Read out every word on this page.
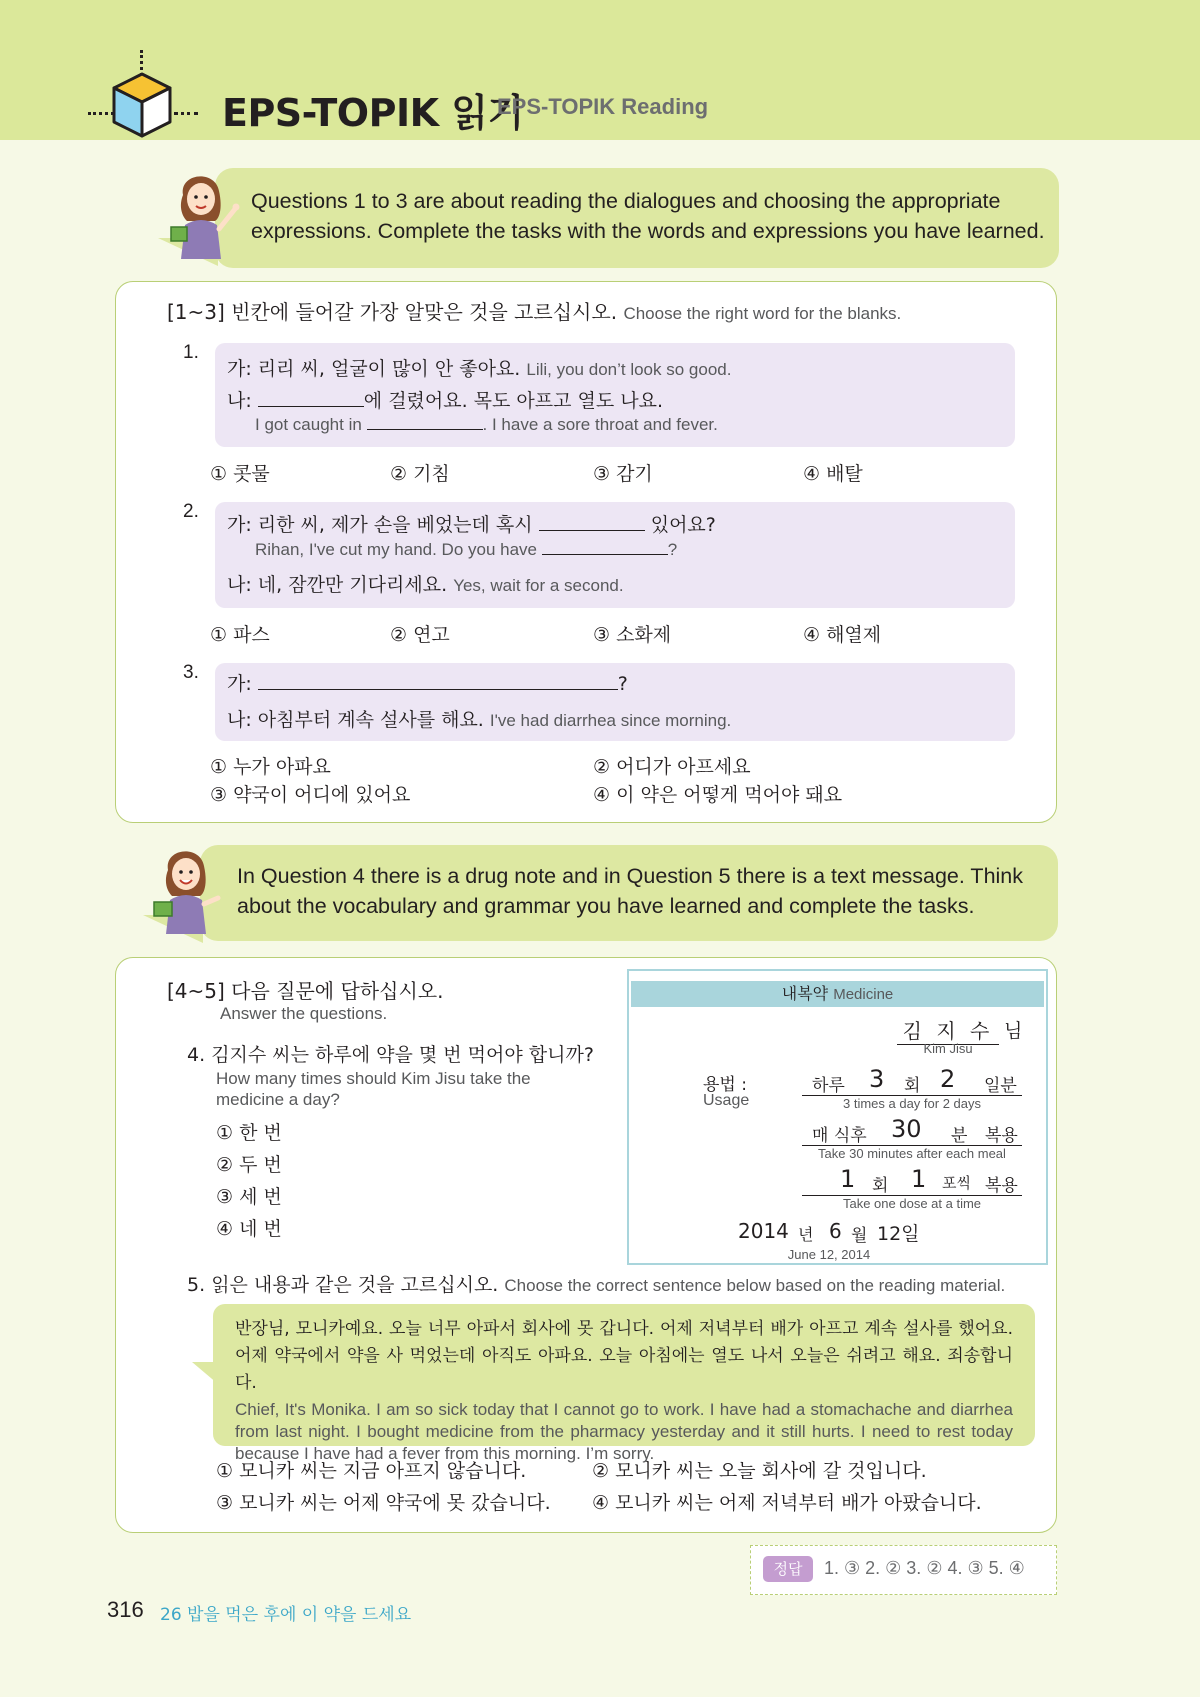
EPS-TOPIK 읽기
EPS-TOPIK Reading
Questions 1 to 3 are about reading the dialogues and choosing the appropriate
expressions. Complete the tasks with the words and expressions you have learned.
[1~3] 빈칸에 들어갈 가장 알맞은 것을 고르십시오. Choose the right word for the blanks.
1.
가: 리리 씨, 얼굴이 많이 안 좋아요. Lili, you don’t look so good.
나:	에 걸렸어요. 목도 아프고 열도 나요.
I got caught in	. I have a sore throat and fever.
① 콧물	② 기침	③ 감기	④ 배탈
2.
가: 리한 씨, 제가 손을 베었는데 혹시	있어요?
Rihan, I've cut my hand. Do you have	?
나: 네, 잠깐만 기다리세요. Yes, wait for a second.
① 파스	② 연고	③ 소화제	④ 해열제
3.
가:	?
나: 아침부터 계속 설사를 해요. I've had diarrhea since morning.
① 누가 아파요	② 어디가 아프세요
③ 약국이 어디에 있어요	④ 이 약은 어떻게 먹어야 돼요
In Question 4 there is a drug note and in Question 5 there is a text message. Think
about the vocabulary and grammar you have learned and complete the tasks.
[4~5] 다음 질문에 답하십시오.
Answer the questions.
4. 김지수 씨는 하루에 약을 몇 번 먹어야 합니까?
How many times should Kim Jisu take the medicine a day?
① 한 번
② 두 번
③ 세 번
④ 네 번
내복약 Medicine
김 지 수 님
Kim Jisu
용법 :
Usage
하루 3 회 2 일분
3 times a day for 2 days
매 식후 30 분 복용
Take 30 minutes after each meal
1 회 1 포씩 복용
Take one dose at a time
2014 년 6 월 12일
June 12, 2014
5. 읽은 내용과 같은 것을 고르십시오. Choose the correct sentence below based on the reading material.
반장님, 모니카예요. 오늘 너무 아파서 회사에 못 갑니다. 어제 저녁부터 배가 아프고 계속 설사를 했어요. 어제 약국에서 약을 사 먹었는데 아직도 아파요. 오늘 아침에는 열도 나서 오늘은 쉬려고 해요. 죄송합니다.
Chief, It's Monika. I am so sick today that I cannot go to work. I have had a stomachache and diarrhea from last night. I bought medicine from the pharmacy yesterday and it still hurts. I need to rest today because I have had a fever from this morning. I’m sorry.
① 모니카 씨는 지금 아프지 않습니다.	② 모니카 씨는 오늘 회사에 갈 것입니다.
③ 모니카 씨는 어제 약국에 못 갔습니다. ④ 모니카 씨는 어제 저녁부터 배가 아팠습니다.
정답	1. ③ 2. ② 3. ② 4. ③ 5. ④
316 26 밥을 먹은 후에 이 약을 드세요
